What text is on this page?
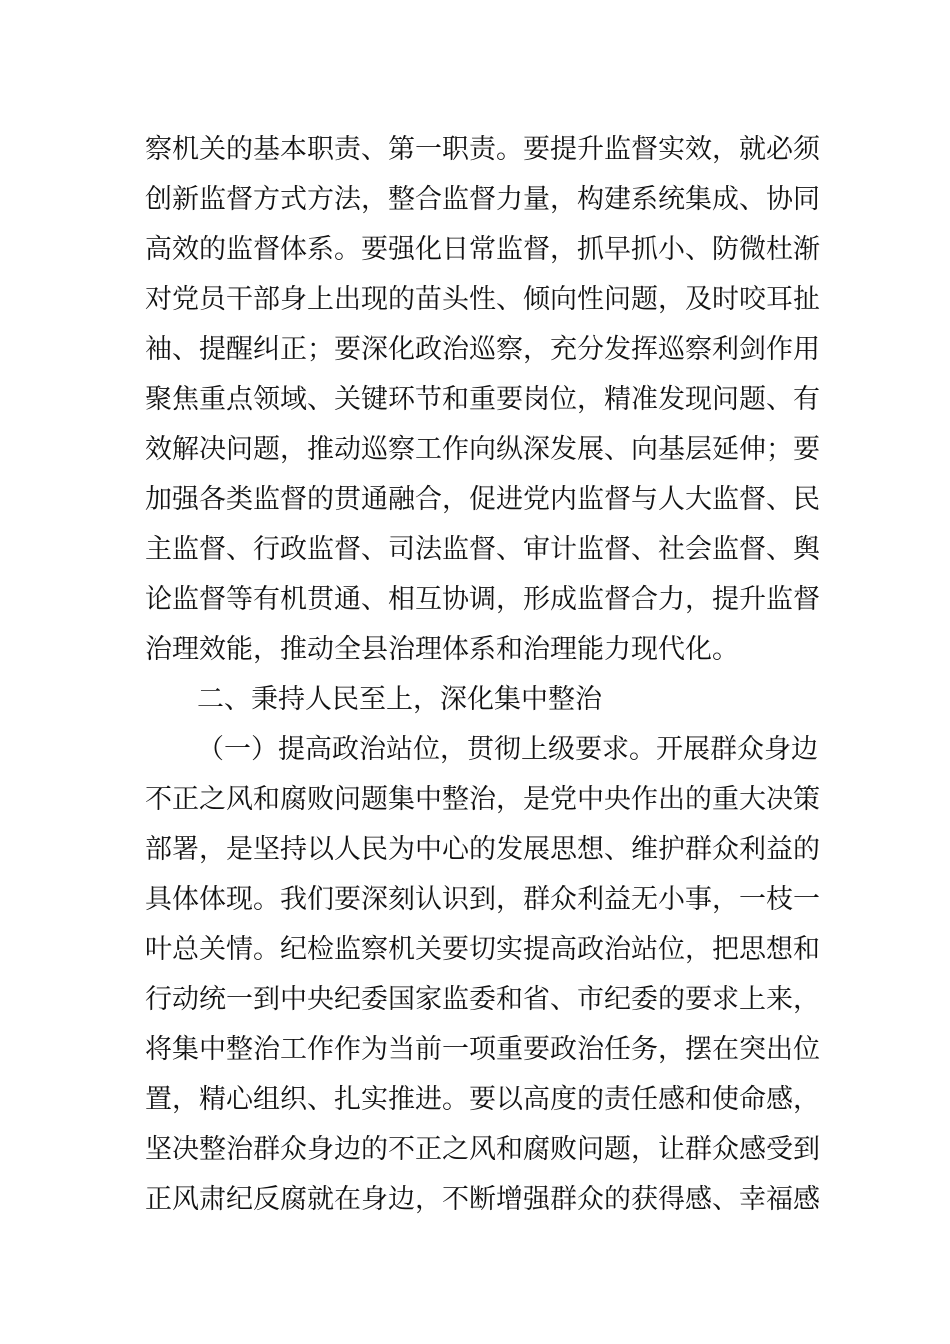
察机关的基本职责、第一职责。要提升监督实效，就必须
创新监督方式方法，整合监督力量，构建系统集成、协同
高效的监督体系。要强化日常监督，抓早抓小、防微杜渐
对党员干部身上出现的苗头性、倾向性问题，及时咬耳扯
袖、提醒纠正；要深化政治巡察，充分发挥巡察利剑作用
聚焦重点领域、关键环节和重要岗位，精准发现问题、有
效解决问题，推动巡察工作向纵深发展、向基层延伸；要
加强各类监督的贯通融合，促进党内监督与人大监督、民
主监督、行政监督、司法监督、审计监督、社会监督、舆
论监督等有机贯通、相互协调，形成监督合力，提升监督
治理效能，推动全县治理体系和治理能力现代化。
二、秉持人民至上，深化集中整治
（一）提高政治站位，贯彻上级要求。开展群众身边
不正之风和腐败问题集中整治，是党中央作出的重大决策
部署，是坚持以人民为中心的发展思想、维护群众利益的
具体体现。我们要深刻认识到，群众利益无小事，一枝一
叶总关情。纪检监察机关要切实提高政治站位，把思想和
行动统一到中央纪委国家监委和省、市纪委的要求上来，
将集中整治工作作为当前一项重要政治任务，摆在突出位
置，精心组织、扎实推进。要以高度的责任感和使命感，
坚决整治群众身边的不正之风和腐败问题，让群众感受到
正风肃纪反腐就在身边，不断增强群众的获得感、幸福感
